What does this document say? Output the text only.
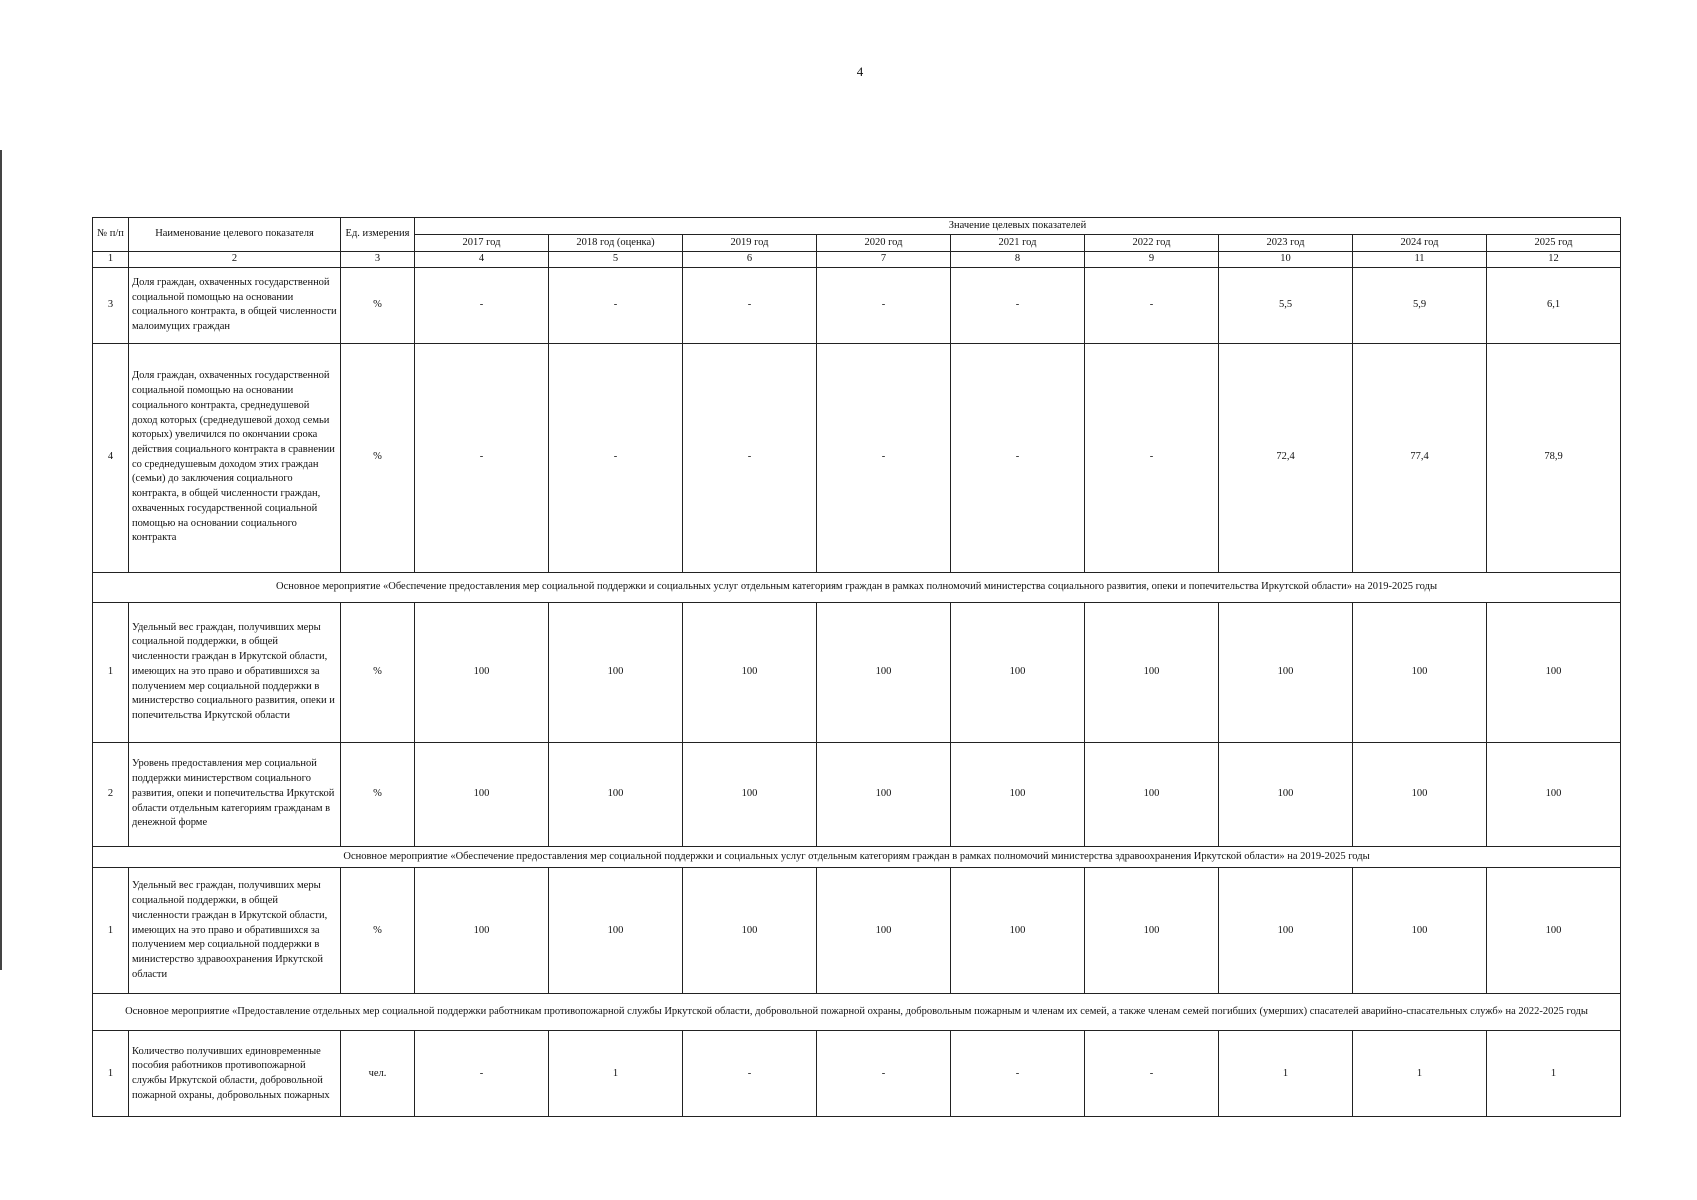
4
№ п/п	Наименование целевого показателя	Ед. измерения	Значение целевых показателей								
			2017 год	2018 год (оценка)	2019 год	2020 год	2021 год	2022 год	2023 год	2024 год	2025 год
1	2	3	4	5	6	7	8	9	10	11	12
3	Доля граждан, охваченных государственной социальной помощью на основании социального контракта, в общей численности малоимущих граждан	%	-	-	-	-	-	-	5,5	5,9	6,1
4	Доля граждан, охваченных государственной социальной помощью на основании социального контракта, среднедушевой доход которых (среднедушевой доход семьи которых) увеличился по окончании срока действия социального контракта в сравнении со среднедушевым доходом этих граждан (семьи) до заключения социального контракта, в общей численности граждан, охваченных государственной социальной помощью на основании социального контракта	%	-	-	-	-	-	-	72,4	77,4	78,9
Основное мероприятие «Обеспечение предоставления мер социальной поддержки и социальных услуг отдельным категориям граждан в рамках полномочий министерства социального развития, опеки и попечительства Иркутской области» на 2019-2025 годы											
1	Удельный вес граждан, получивших меры социальной поддержки, в общей численности граждан в Иркутской области, имеющих на это право и обратившихся за получением мер социальной поддержки в министерство социального развития, опеки и попечительства Иркутской области	%	100	100	100	100	100	100	100	100	100
2	Уровень предоставления мер социальной поддержки министерством социального развития, опеки и попечительства Иркутской области отдельным категориям гражданам в денежной форме	%	100	100	100	100	100	100	100	100	100
Основное мероприятие «Обеспечение предоставления мер социальной поддержки и социальных услуг отдельным категориям граждан в рамках полномочий министерства здравоохранения Иркутской области» на 2019-2025 годы											
1	Удельный вес граждан, получивших меры социальной поддержки, в общей численности граждан в Иркутской области, имеющих на это право и обратившихся за получением мер социальной поддержки в министерство здравоохранения Иркутской области	%	100	100	100	100	100	100	100	100	100
Основное мероприятие «Предоставление отдельных мер социальной поддержки работникам противопожарной службы Иркутской области, добровольной пожарной охраны, добровольным пожарным и членам их семей, а также членам семей погибших (умерших) спасателей аварийно-спасательных служб» на 2022-2025 годы											
1	Количество получивших единовременные пособия работников противопожарной службы Иркутской области, добровольной пожарной охраны, добровольных пожарных	чел.	-	1	-	-	-	-	1	1	1
